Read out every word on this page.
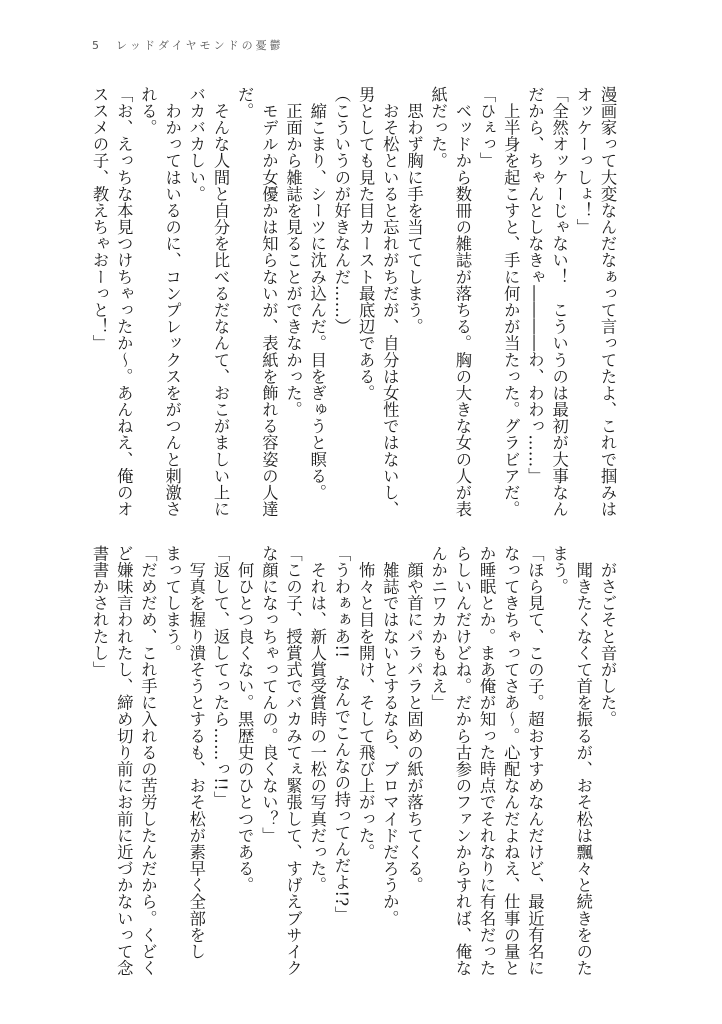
5　 レッドダイヤモンドの憂鬱
漫画家って大変なんだなぁって言ってたよ、これで掴みは
オッケーっしょ！」
「全然オッケーじゃない！　こういうのは最初が大事なん
だから、ちゃんとしなきゃ――――わ、わわっ……」
　上半身を起こすと、手に何かが当たった。グラビアだ。
「ひぇっ」
　ベッドから数冊の雑誌が落ちる。胸の大きな女の人が表
紙だった。
　思わず胸に手を当ててしまう。
　おそ松といると忘れがちだが、自分は女性ではないし、
男としても見た目カースト最底辺である。
（こういうのが好きなんだ……）
　縮こまり、シーツに沈み込んだ。目をぎゅうと瞑る。
　正面から雑誌を見ることができなかった。
　モデルか女優かは知らないが、表紙を飾れる容姿の人達
だ。
　そんな人間と自分を比べるだなんて、おこがましい上に
バカバカしい。
　わかってはいるのに、コンプレックスをがつんと刺激さ
れる。
「お、えっちな本見つけちゃったか～。あんねえ、俺のオ
ススメの子、教えちゃおーっと！」
　がさごそと音がした。
　聞きたくなくて首を振るが、おそ松は飄々と続きをのた
まう。
「ほら見て、この子。超おすすめなんだけど、最近有名に
なってきちゃってさあ～。心配なんだよねえ、仕事の量と
か睡眠とか。まあ俺が知った時点でそれなりに有名だった
らしいんだけどね。だから古参のファンからすれば、俺な
んかニワカかもねえ」
　顔や首にパラパラと固めの紙が落ちてくる。
　雑誌ではないとするなら、ブロマイドだろうか。
　怖々と目を開け、そして飛び上がった。
「うわぁぁあ!!　なんでこんなの持ってんだよ!?」
　それは、新人賞受賞時の一松の写真だった。
「この子、授賞式でバカみてぇ緊張して、すげえブサイク
な顔になっちゃってんの。良くない？」
　何ひとつ良くない。黒歴史のひとつである。
「返して、返してったら……っ!!」
　写真を握り潰そうとするも、おそ松が素早く全部をし
まってしまう。
「だめだめ、これ手に入れるの苦労したんだから。くどく
ど嫌味言われたし、締め切り前にお前に近づかないって念
書書かされたし」
